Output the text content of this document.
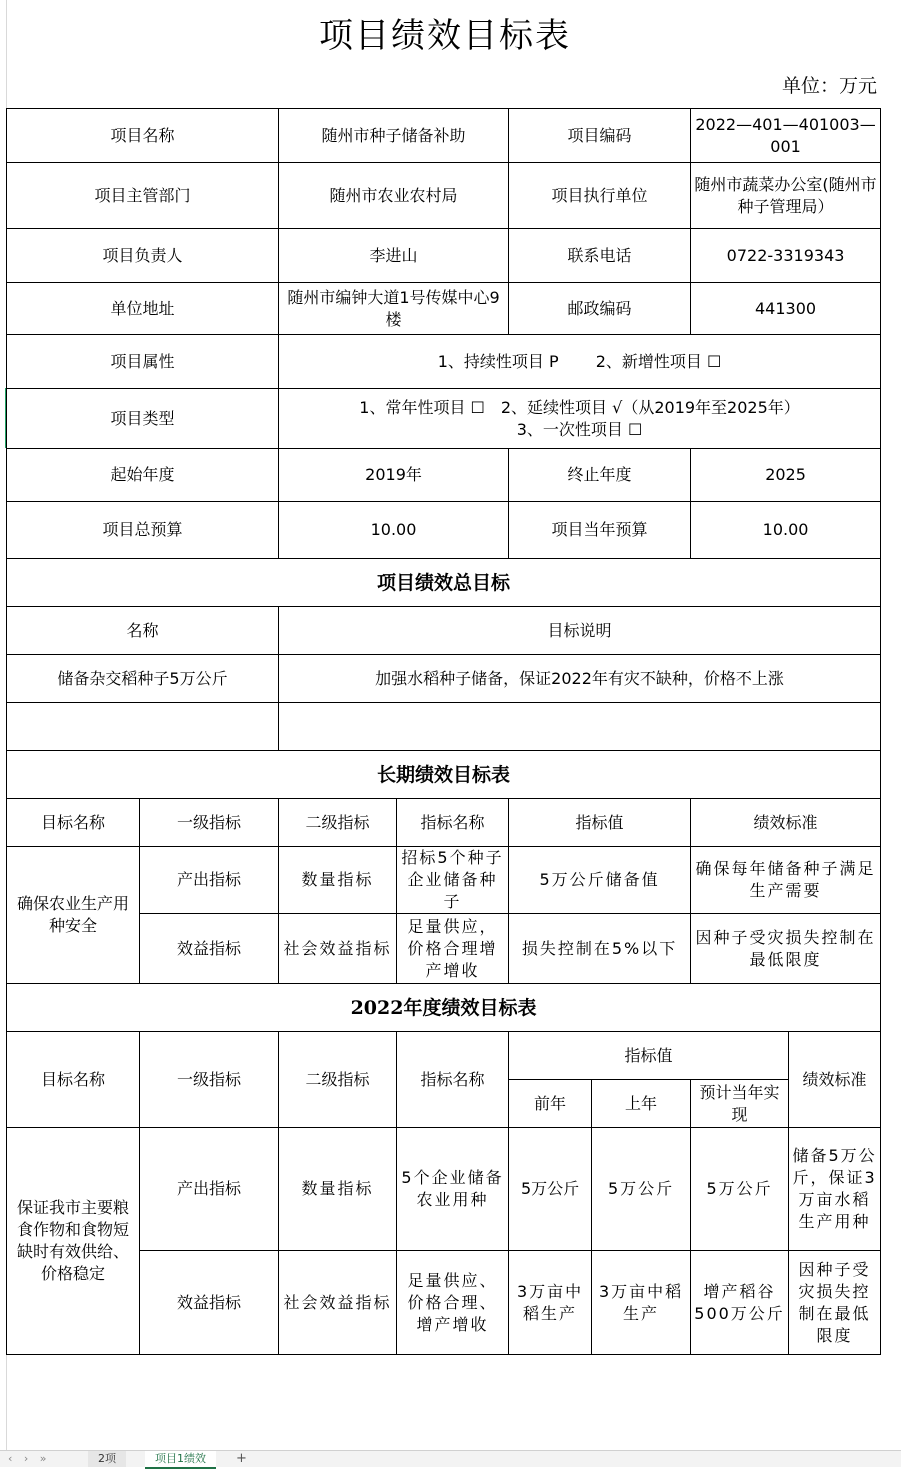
项目绩效目标表
单位：万元
项目名称		随州市种子储备补助		项目编码		2022—401—401003—001	
项目主管部门		随州市农业农村局		项目执行单位		随州市蔬菜办公室(随州市种子管理局）	
项目负责人		李进山		联系电话		0722-3319343	
单位地址		随州市编钟大道1号传媒中心9楼		邮政编码		441300	
项目属性		1、持续性项目 P　　 2、新增性项目 ☐					
项目类型		1、常年性项目 ☐　2、延续性项目 √（从2019年至2025年）
3、一次性项目 ☐					

起始年度		2019年		终止年度		2025	
项目总预算		10.00		项目当年预算		10.00	
项目绩效总目标							
名称		目标说明					
储备杂交稻种子5万公斤		加强水稻种子储备，保证2022年有灾不缺种，价格不上涨					

长期绩效目标表							
目标名称	一级指标	二级指标	指标名称	指标值		绩效标准	
确保农业生产用种安全	产出指标	数量指标	招标5个种子企业储备种子	5万公斤储备值		确保每年储备种子满足生产需要	
	效益指标	社会效益指标	足量供应，价格合理增产增收	损失控制在5%以下		因种子受灾损失控制在最低限度	
2022年度绩效目标表							
目标名称	一级指标	二级指标	指标名称	指标值			绩效标准
				前年	上年	预计当年实现	
保证我市主要粮食作物和食物短缺时有效供给、价格稳定	产出指标	数量指标	5个企业储备农业用种	5万公斤	5万公斤	5万公斤	储备5万公斤，保证3万亩水稻生产用种
	效益指标	社会效益指标	足量供应、价格合理、增产增收	3万亩中稻生产	3万亩中稻生产	增产稻谷500万公斤	因种子受灾损失控制在最低限度
‹ › »	2项	项目1绩效	+
